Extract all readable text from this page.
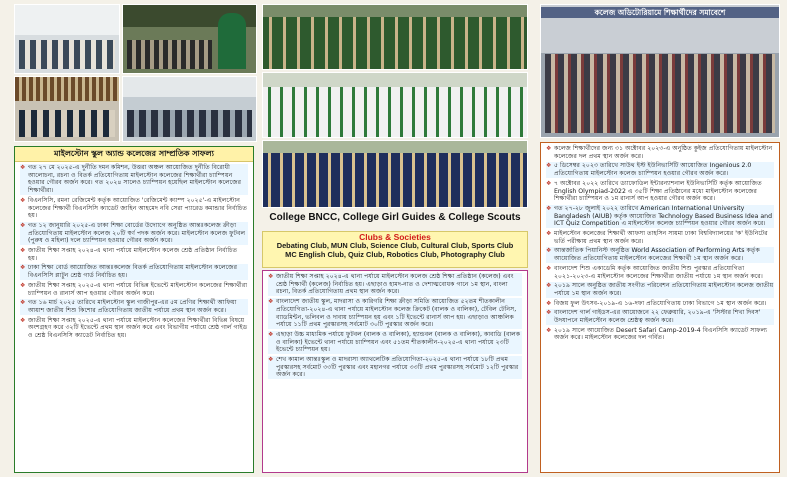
College BNCC, College Girl Guides & College Scouts
কলেজ অডিটোরিয়ামে শিক্ষার্থীদের সমাবেশে
Clubs & Societies
Debating Club, MUN Club, Science Club, Cultural Club, Sports Club
MC English Club, Quiz Club, Robotics Club, Photography Club
মাইলস্টোন স্কুল অ্যান্ড কলেজের সাম্প্রতিক সাফল্য
❖ গত ২৭ মে ২০২৫-এ দুর্নীতি দমন কমিশন, উত্তরা অঞ্চল আয়োজিত দুর্নীতি বিরোধী আলোচনা, রচনা ও বিতর্ক প্রতিযোগিতায় মাইলস্টোন কলেজের শিক্ষার্থীরা চ্যাম্পিয়ন হওয়ার গৌরব অর্জন করে। গত ২০২৪ সালেও চ্যাম্পিয়ন হয়েছিল মাইলস্টোন কলেজের শিক্ষার্থীরা।
❖ বিএনসিসি, রমনা রেজিমেন্ট কর্তৃক আয়োজিত 'রেজিমেন্ট ক্যাম্প ২০২৫'-এ মাইলস্টোন কলেজের শিক্ষার্থী বিএনসিসি ক্যাডেট জাহিন আহমেদ নবি সেরা প্যারেড কমান্ডার নির্বাচিত হয়।
❖ গত ১২ জানুয়ারি ২০২৫-এ ঢাকা শিক্ষা বোর্ডের উদ্যোগে অনুষ্ঠিত আন্তঃকলেজ ক্রীড়া প্রতিযোগিতায় মাইলস্টোন কলেজ ২০টি স্বর্ণ পদক অর্জন করে। মাইলস্টোন কলেজ ফুটবল (পুরুষ ও মহিলা) দলে চ্যাম্পিয়ন হওয়ার গৌরব অর্জন করে।
❖ জাতীয় শিক্ষা সপ্তাহ ২০২৪-এ থানা পর্যায়ে মাইলস্টোন কলেজ শ্রেষ্ঠ প্রতিষ্ঠান নির্বাচিত হয়।
❖ ঢাকা শিক্ষা বোর্ড আয়োজিত আন্তঃকলেজ বিতর্ক প্রতিযোগিতায় মাইলস্টোন কলেজের বিএনসিসি প্লাটুন শ্রেষ্ঠ গার্ড নির্বাচিত হয়।
❖ জাতীয় শিক্ষা সপ্তাহ ২০২৫-এ থানা পর্যায়ে বিভিন্ন ইভেন্টে মাইলস্টোন কলেজের শিক্ষার্থীরা চ্যাম্পিয়ন ও রানার্স আপ হওয়ার গৌরব অর্জন করে।
❖ গত ১৬ মার্চ ২০২৫ তারিখে মাইলস্টোন স্কুল গাজীপুর-এর ৫ম প্রেণির শিক্ষার্থী আফিয়া আয়াশ জাতীয় শিশু কিশোর প্রতিযোগিতায় জাতীয় পর্যায়ে প্রথম স্থান অর্জন করে।
❖ জাতীয় শিক্ষা সপ্তাহ ২০২৫-এ থানা পর্যায়ে মাইলস্টোন কলেজের শিক্ষার্থীরা বিভিন্ন বিষয়ে অংশগ্রহণ করে ৩২টি ইভেন্টে প্রথম স্থান অর্জন করে এবং বিভাগীয় পর্যায়ে শ্রেষ্ঠ গার্ল গাইড ও শ্রেষ্ঠ বিএনসিসি ক্যাডেট নির্বাচিত হয়।
❖ জাতীয় শিক্ষা সপ্তাহ ২০২৪-এ থানা পর্যায়ে মাইলস্টোন কলেজ শ্রেষ্ঠ শিক্ষা প্রতিষ্ঠান (কলেজ) এবং শ্রেষ্ঠ শিক্ষার্থী (কলেজ) নির্বাচিত হয়। এছাড়াও হামদ-নাত ও দেশাত্মবোধক গানে ১ম স্থান, বাংলা রচনা, বিতর্ক প্রতিযোগিতায় প্রথম স্থান অর্জন করে।
❖ বাংলাদেশ জাতীয় স্কুল, মাদরাসা ও কারিগরি শিক্ষা ক্রীড়া সমিতি আয়োজিত ৫২তম শীতকালীন প্রতিযোগিতা-২০২৪-এ থানা পর্যায়ে মাইলস্টোন কলেজ ক্রিকেট (বালক ও বালিকা), টেবিল টেনিস, ব্যাডমিন্টন, ভলিবল ও দাবায় চ্যাম্পিয়ন হয় এবং ১টি ইভেন্টে রানার্স আপ হয়। এছাড়াও আঞ্চলিক পর্যায়ে ১১টি প্রথম পুরস্কারসহ সর্বমোট ৩০টি পুরস্কার অর্জন করে।
❖ এছাড়া উচ্চ মাধ্যমিক পর্যায়ে ফুটবল (বালক ও বালিকা), হ্যান্ডবল (বালক ও বালিকা), কাবাডি (বালক ও বালিকা) ইভেন্টে থানা পর্যায়ে চ্যাম্পিয়ন এবং ৫১তম শীতকালীন-২০২৫-এ থানা পর্যায়ে ২৩টি ইভেন্টে চ্যাম্পিয়ন হয়।
❖ শেখ কামাল আন্তঃস্কুল ও মাদরাসা অ্যাথলেটিক প্রতিযোগিতা-২০২৫-এ থানা পর্যায়ে ১৮টি প্রথম পুরস্কারসহ সর্বমোট ৩৩টি পুরস্কার এবং মহানগর পর্যায়ে ৩৩টি প্রথম পুরস্কারসহ সর্বমোট ১২টি পুরস্কার অর্জন করে।
❖ কলেজ শিক্ষার্থীদের জন্য ৩১ অক্টোবর ২০২৩-এ অনুষ্ঠিত কুইজ প্রতিযোগিতায় মাইলস্টোন কলেজের দল প্রথম স্থান অর্জন করে।
❖ ৫ ডিসেম্বর ২০২৩ তারিখে সাউথ ইস্ট ইউনিভার্সিটি আয়োজিত Ingenious 2.0 প্রতিযোগিতায় মাইলস্টোন কলেজ চ্যাম্পিয়ন হওয়ার গৌরব অর্জন করে।
❖ ৭ অক্টোবর ২০২২ তারিখে ড্যাফোডিল ইন্টারন্যাশনাল ইউনিভার্সিটি কর্তৃক আয়োজিত English Olympiad-2022 এ ৩৫টি শিক্ষা প্রতিষ্ঠানের মধ্যে মাইলস্টোন কলেজের শিক্ষার্থীরা চ্যাম্পিয়ন ও ১ম রানার্স আপ হওয়ার গৌরব অর্জন করে।
❖ গত ২৭-২৮ জুলাই ২০২২ তারিখে American International University Bangladesh (AIUB) কর্তৃক আয়োজিত Technology Based Business Idea and ICT Quiz Competition এ মাইলস্টোন কলেজ চ্যাম্পিয়ন হওয়ার গৌরব অর্জন করে।
❖ মাইলস্টোন কলেজের শিক্ষার্থী আফসা তাহসিন সায়মা ঢাকা বিশ্ববিদ্যালয়ের 'ক' ইউনিটের ভর্তি পরীক্ষায় প্রথম স্থান অর্জন করে।
❖ আন্তর্জাতিক পিয়ানিস্ট অনুষ্ঠিত World Association of Performing Arts কর্তৃক আয়োজিত প্রতিযোগিতায় মাইলস্টোন কলেজের শিক্ষার্থী ১ম স্থান অর্জন করে।
❖ বাংলাদেশ শিশু একাডেমি কর্তৃক আয়োজিত জাতীয় শিশু পুরস্কার প্রতিযোগিতা ২০২১-২০২৩-এ মাইলস্টোন কলেজের শিক্ষার্থীরা জাতীয় পর্যায়ে ১ম স্থান অর্জন করে।
❖ ২০১৯ সালে অনুষ্ঠিত জাতীয় সংগীত পরিবেশন প্রতিযোগিতায় মাইলস্টোন কলেজ জাতীয় পর্যায়ে ১ম স্থান অর্জন করে।
❖ বিজয় ফুল উৎসব-২০১৯-এ ১৬-দফা প্রতিযোগিতায় ঢাকা বিভাগে ১ম স্থান অর্জন করে।
❖ বাংলাদেশ গার্ল গাইডস-এর আয়োজনে ২২ ফেব্রুয়ারি, ২০১৯-এ 'সিস্টার শিখা দিবস' উদযাপনে মাইলস্টোন কলেজ শ্রেষ্ঠত্ব অর্জন করে।
❖ ২০১৯ সালে আয়োজিত Desert Safari Camp-2019-4 বিএনসিসি ক্যাডেট সাফল্য অর্জন করে। মাইলস্টোন কলেজের দল গর্বিত।
